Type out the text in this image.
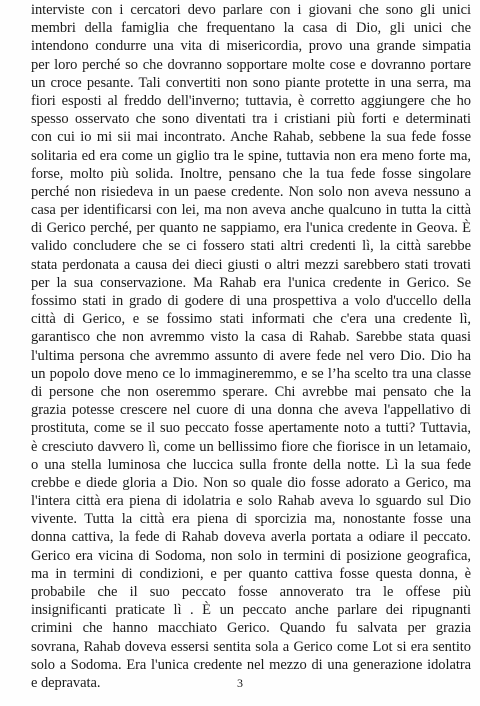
interviste con i cercatori devo parlare con i giovani che sono gli unici
membri della famiglia che frequentano la casa di Dio, gli unici che
intendono condurre una vita di misericordia, provo una grande simpatia
per loro perché so che dovranno sopportare molte cose e dovranno portare
un croce pesante. Tali convertiti non sono piante protette in una serra, ma
fiori esposti al freddo dell'inverno; tuttavia, è corretto aggiungere che ho
spesso osservato che sono diventati tra i cristiani più forti e determinati
con cui io mi sii mai incontrato. Anche Rahab, sebbene la sua fede fosse
solitaria ed era come un giglio tra le spine, tuttavia non era meno forte ma,
forse, molto più solida. Inoltre, pensano che la tua fede fosse singolare
perché non risiedeva in un paese credente. Non solo non aveva nessuno a
casa per identificarsi con lei, ma non aveva anche qualcuno in tutta la città
di Gerico perché, per quanto ne sappiamo, era l'unica credente in Geova. È
valido concludere che se ci fossero stati altri credenti lì, la città sarebbe
stata perdonata a causa dei dieci giusti o altri mezzi sarebbero stati trovati
per la sua conservazione. Ma Rahab era l'unica credente in Gerico. Se
fossimo stati in grado di godere di una prospettiva a volo d'uccello della
città di Gerico, e se fossimo stati informati che c'era una credente lì,
garantisco che non avremmo visto la casa di Rahab. Sarebbe stata quasi
l'ultima persona che avremmo assunto di avere fede nel vero Dio. Dio ha
un popolo dove meno ce lo immagineremmo, e se l’ha scelto tra una classe
di persone che non oseremmo sperare. Chi avrebbe mai pensato che la
grazia potesse crescere nel cuore di una donna che aveva l'appellativo di
prostituta, come se il suo peccato fosse apertamente noto a tutti? Tuttavia,
è cresciuto davvero lì, come un bellissimo fiore che fiorisce in un letamaio,
o una stella luminosa che luccica sulla fronte della notte. Lì la sua fede
crebbe e diede gloria a Dio. Non so quale dio fosse adorato a Gerico, ma
l'intera città era piena di idolatria e solo Rahab aveva lo sguardo sul Dio
vivente. Tutta la città era piena di sporcizia ma, nonostante fosse una
donna cattiva, la fede di Rahab doveva averla portata a odiare il peccato.
Gerico era vicina di Sodoma, non solo in termini di posizione geografica,
ma in termini di condizioni, e per quanto cattiva fosse questa donna, è
probabile che il suo peccato fosse annoverato tra le offese più
insignificanti praticate lì . È un peccato anche parlare dei ripugnanti
crimini che hanno macchiato Gerico. Quando fu salvata per grazia
sovrana, Rahab doveva essersi sentita sola a Gerico come Lot si era sentito
solo a Sodoma. Era l'unica credente nel mezzo di una generazione idolatra
e depravata.	3
